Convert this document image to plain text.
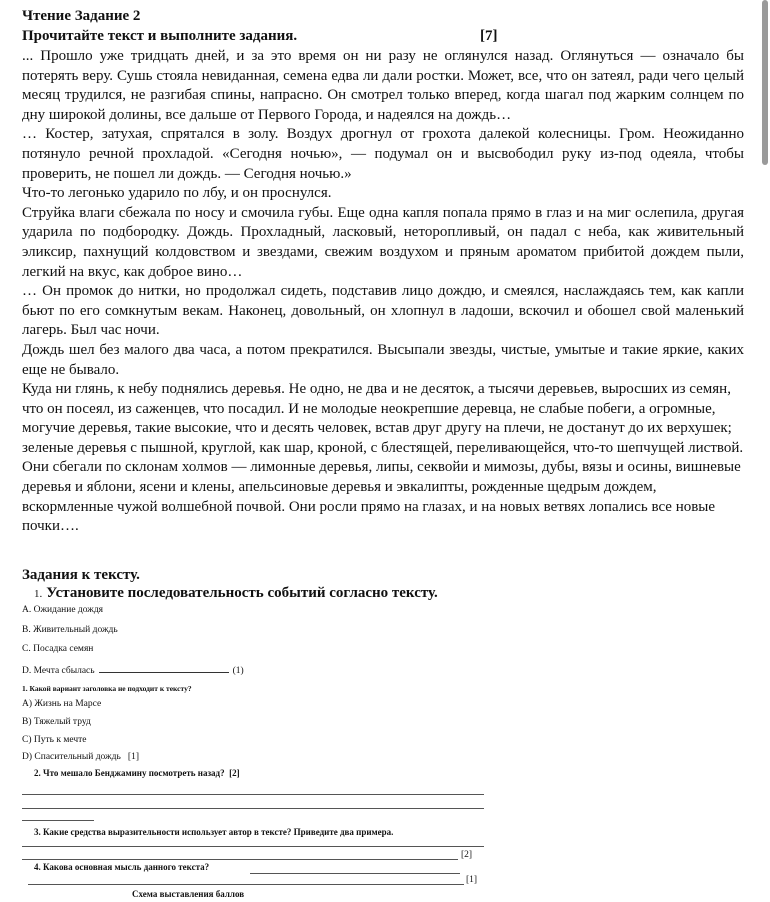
Чтение Задание 2
Прочитайте текст и выполните задания.	[7]

... Прошло уже тридцать дней, и за это время он ни разу не оглянулся назад. Оглянуться — означало бы потерять веру. Сушь стояла невиданная, семена едва ли дали ростки. Может, все, что он затеял, ради чего целый месяц трудился, не разгибая спины, напрасно. Он смотрел только вперед, когда шагал под жарким солнцем по дну широкой долины, все дальше от Первого Города, и надеялся на дождь…

… Костер, затухая, спрятался в золу. Воздух дрогнул от грохота далекой колесницы. Гром. Неожиданно потянуло речной прохладой. «Сегодня ночью», — подумал он и высвободил руку из-под одеяла, чтобы проверить, не пошел ли дождь. — Сегодня ночью.»

Что-то легонько ударило по лбу, и он проснулся.

Струйка влаги сбежала по носу и смочила губы. Еще одна капля попала прямо в глаз и на миг ослепила, другая ударила по подбородку. Дождь. Прохладный, ласковый, неторопливый, он падал с неба, как живительный эликсир, пахнущий колдовством и звездами, свежим воздухом и пряным ароматом прибитой дождем пыли, легкий на вкус, как доброе вино…

… Он промок до нитки, но продолжал сидеть, подставив лицо дождю, и смеялся, наслаждаясь тем, как капли бьют по его сомкнутым векам. Наконец, довольный, он хлопнул в ладоши, вскочил и обошел свой маленький лагерь. Был час ночи.

Дождь шел без малого два часа, а потом прекратился. Высыпали звезды, чистые, умытые и такие яркие, каких еще не бывало.

Куда ни глянь, к небу поднялись деревья. Не одно, не два и не десяток, а тысячи деревьев, выросших из семян, что он посеял, из саженцев, что посадил. И не молодые неокрепшие деревца, не слабые побеги, а огромные, могучие деревья, такие высокие, что и десять человек, встав друг другу на плечи, не достанут до их верхушек; зеленые деревья с пышной, круглой, как шар, кроной, с блестящей, переливающейся, что-то шепчущей листвой. Они сбегали по склонам холмов — лимонные деревья, липы, секвойи и мимозы, дубы, вязы и осины, вишневые деревья и яблони, ясени и клены, апельсиновые деревья и эвкалипты, рожденные щедрым дождем, вскормленные чужой волшебной почвой. Они росли прямо на глазах, и на новых ветвях лопались все новые почки….

Задания к тексту.
1. Установите последовательность событий согласно тексту.
A. Ожидание дождя
B. Живительный дождь
C. Посадка семян
D. Мечта сбылась	(1)
1. Какой вариант заголовка не подходит к тексту?
A) Жизнь на Марсе
B) Тяжелый труд
C) Путь к мечте
D) Спасительный дождь [1]
2. Что мешало Бенджамину посмотреть назад? [2]
3. Какие средства выразительности использует автор в тексте? Приведите два примера.
[2]
4. Какова основная мысль данного текста?
[1]
Схема выставления баллов
